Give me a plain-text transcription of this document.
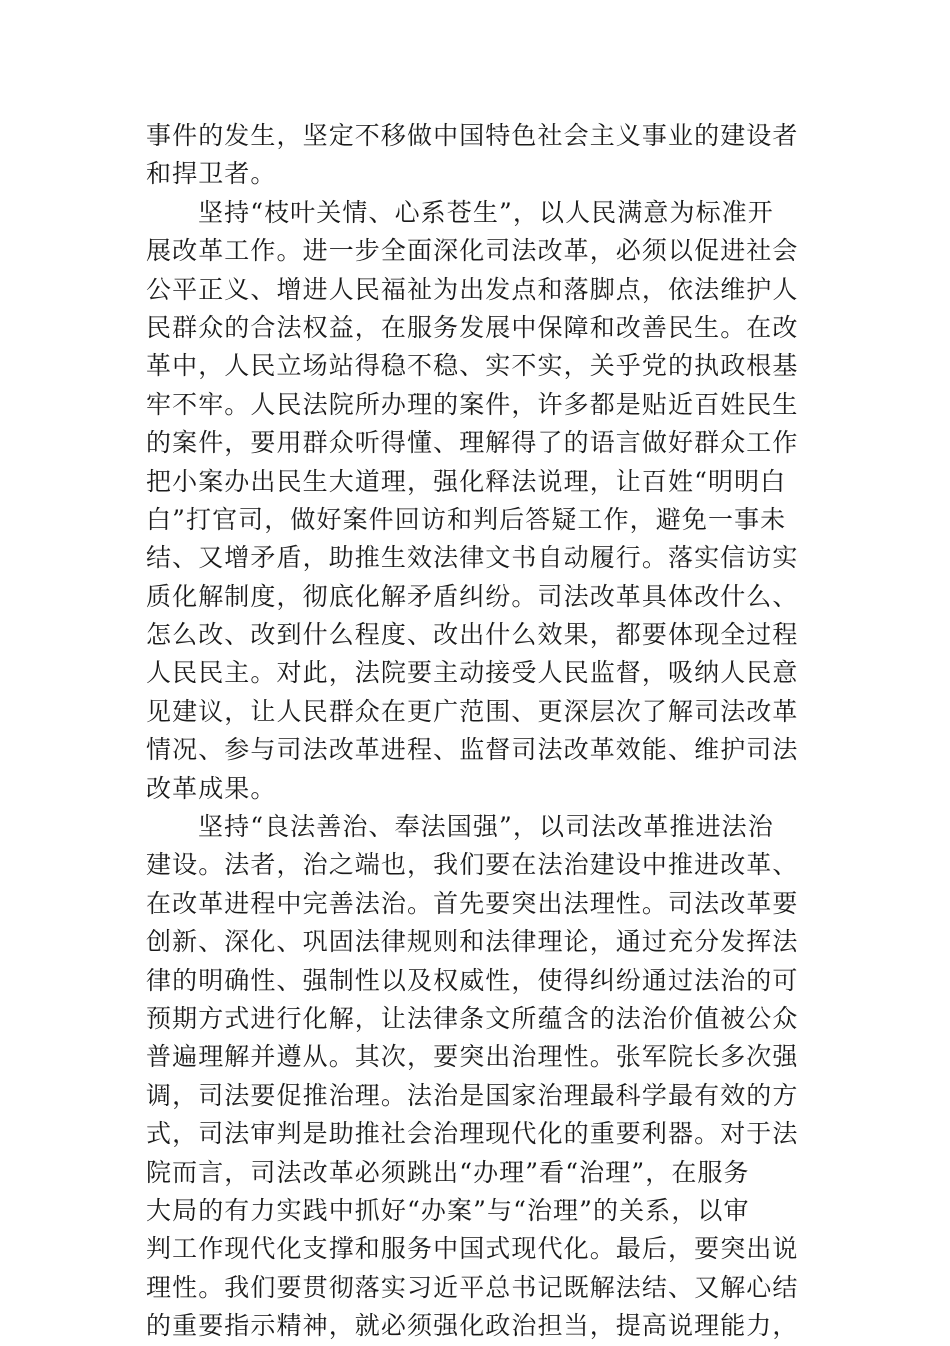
事件的发生，坚定不移做中国特色社会主义事业的建设者
和捍卫者。
坚持“枝叶关情、心系苍生”，以人民满意为标准开
展改革工作。进一步全面深化司法改革，必须以促进社会
公平正义、增进人民福祉为出发点和落脚点，依法维护人
民群众的合法权益，在服务发展中保障和改善民生。在改
革中，人民立场站得稳不稳、实不实，关乎党的执政根基
牢不牢。人民法院所办理的案件，许多都是贴近百姓民生
的案件，要用群众听得懂、理解得了的语言做好群众工作
把小案办出民生大道理，强化释法说理，让百姓“明明白
白”打官司，做好案件回访和判后答疑工作，避免一事未
结、又增矛盾，助推生效法律文书自动履行。落实信访实
质化解制度，彻底化解矛盾纠纷。司法改革具体改什么、
怎么改、改到什么程度、改出什么效果，都要体现全过程
人民民主。对此，法院要主动接受人民监督，吸纳人民意
见建议，让人民群众在更广范围、更深层次了解司法改革
情况、参与司法改革进程、监督司法改革效能、维护司法
改革成果。
坚持“良法善治、奉法国强”，以司法改革推进法治
建设。法者，治之端也，我们要在法治建设中推进改革、
在改革进程中完善法治。首先要突出法理性。司法改革要
创新、深化、巩固法律规则和法律理论，通过充分发挥法
律的明确性、强制性以及权威性，使得纠纷通过法治的可
预期方式进行化解，让法律条文所蕴含的法治价值被公众
普遍理解并遵从。其次，要突出治理性。张军院长多次强
调，司法要促推治理。法治是国家治理最科学最有效的方
式，司法审判是助推社会治理现代化的重要利器。对于法
院而言，司法改革必须跳出“办理”看“治理”，在服务
大局的有力实践中抓好“办案”与“治理”的关系，以审
判工作现代化支撑和服务中国式现代化。最后，要突出说
理性。我们要贯彻落实习近平总书记既解法结、又解心结
的重要指示精神，就必须强化政治担当，提高说理能力，
